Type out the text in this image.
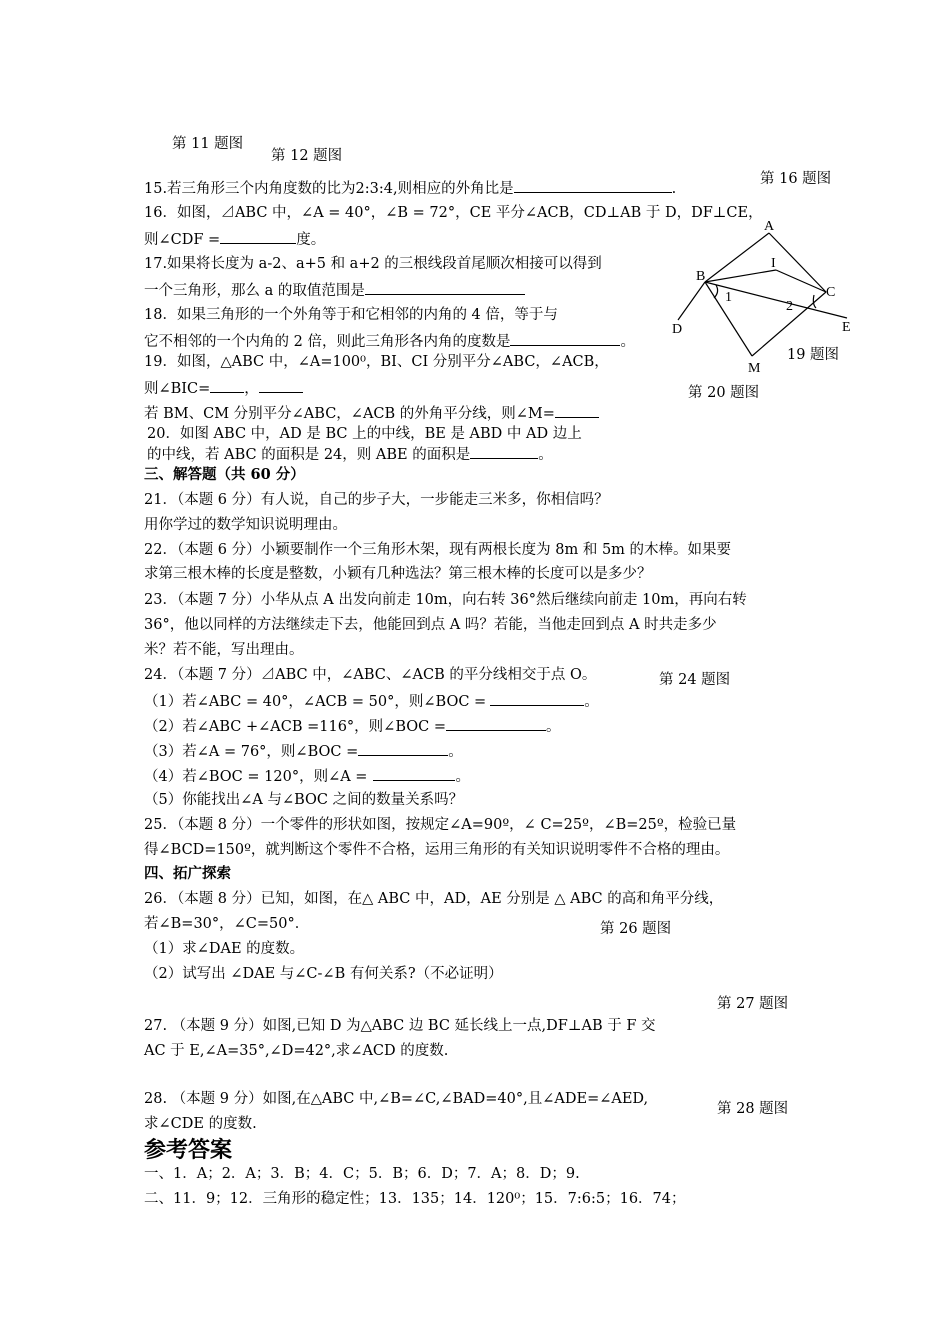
第 11 题图
第 12 题图
第 16 题图
19 题图
第 20 题图
第 24 题图
第 26 题图
第 27 题图
第 28 题图
A
B
C
D	E
I
M
1
2
15.若三角形三个内角度数的比为2:3:4,则相应的外角比是	.
16．如图，⊿ABC 中，∠A = 40°，∠B = 72°，CE 平分∠ACB，CD⊥AB 于 D，DF⊥CE，
则∠CDF =	度。
17.如果将长度为 a-2、a+5 和 a+2 的三根线段首尾顺次相接可以得到
一个三角形，那么 a 的取值范围是
18．如果三角形的一个外角等于和它相邻的内角的 4 倍，等于与
它不相邻的一个内角的 2 倍，则此三角形各内角的度数是	。
19．如图，△ABC 中，∠A=100⁰，BI、CI 分别平分∠ABC，∠ACB，
则∠BIC= ，
若 BM、CM 分别平分∠ABC，∠ACB 的外角平分线，则∠M=
20．如图 ABC 中，AD 是 BC 上的中线，BE 是 ABD 中 AD 边上
的中线，若 ABC 的面积是 24，则 ABE 的面积是	。
三、解答题（共 60 分）
21．（本题 6 分）有人说，自己的步子大，一步能走三米多，你相信吗？
用你学过的数学知识说明理由。
22．（本题 6 分）小颖要制作一个三角形木架，现有两根长度为 8m 和 5m 的木棒。如果要
求第三根木棒的长度是整数，小颖有几种选法？第三根木棒的长度可以是多少？
23．（本题 7 分）小华从点 A 出发向前走 10m，向右转 36°然后继续向前走 10m，再向右转
36°，他以同样的方法继续走下去，他能回到点 A 吗？若能，当他走回到点 A 时共走多少
米？若不能，写出理由。
24．（本题 7 分）⊿ABC 中，∠ABC、∠ACB 的平分线相交于点 O。
（1）若∠ABC = 40°，∠ACB = 50°，则∠BOC =	。
（2）若∠ABC +∠ACB =116°，则∠BOC =	。
（3）若∠A = 76°，则∠BOC =	。
（4）若∠BOC = 120°，则∠A =	。
（5）你能找出∠A 与∠BOC 之间的数量关系吗？
25．（本题 8 分）一个零件的形状如图，按规定∠A=90º，∠ C=25º，∠B=25º，检验已量
得∠BCD=150º，就判断这个零件不合格，运用三角形的有关知识说明零件不合格的理由。
四、拓广探索
26．（本题 8 分）已知，如图，在△ ABC 中，AD，AE 分别是 △ ABC 的高和角平分线，
若∠B=30°，∠C=50°．
（1）求∠DAE 的度数。
（2）试写出 ∠DAE 与∠C-∠B 有何关系?（不必证明）
27. （本题 9 分）如图,已知 D 为△ABC 边 BC 延长线上一点,DF⊥AB 于 F 交
AC 于 E,∠A=35°,∠D=42°,求∠ACD 的度数.
28. （本题 9 分）如图,在△ABC 中,∠B=∠C,∠BAD=40°,且∠ADE=∠AED,
求∠CDE 的度数.
参考答案
一、1．A；2．A；3．B；4．C；5．B；6．D；7．A；8．D；9.
二、11．9；12．三角形的稳定性；13．135；14．120⁰；15．7:6:5；16．74；
